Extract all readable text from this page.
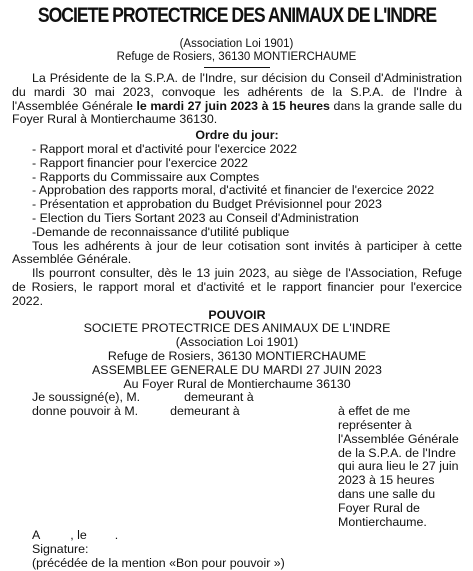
SOCIETE PROTECTRICE DES ANIMAUX DE L'INDRE
(Association Loi 1901)
Refuge de Rosiers, 36130 MONTIERCHAUME

La Présidente de la S.P.A. de l'Indre, sur décision du Conseil d'Administration du mardi 30 mai 2023, convoque les adhérents de la S.P.A. de l'Indre à l'Assemblée Générale le mardi 27 juin 2023 à 15 heures dans la grande salle du Foyer Rural à Montierchaume 36130.

Ordre du jour:

- Rapport moral et d'activité pour l'exercice 2022

- Rapport financier pour l'exercice 2022

- Rapports du Commissaire aux Comptes

- Approbation des rapports moral, d'activité et financier de l'exercice 2022

- Présentation et approbation du Budget Prévisionnel pour 2023

- Election du Tiers Sortant 2023 au Conseil d'Administration

-Demande de reconnaissance d'utilité publique

Tous les adhérents à jour de leur cotisation sont invités à participer à cette Assemblée Générale.

Ils pourront consulter, dès le 13 juin 2023, au siège de l'Association, Refuge de Rosiers, le rapport moral et d'activité et le rapport financier pour l'exercice 2022.

POUVOIR

SOCIETE PROTECTRICE DES ANIMAUX DE L'INDRE

(Association Loi 1901)

Refuge de Rosiers, 36130 MONTIERCHAUME

ASSEMBLEE GENERALE DU MARDI 27 JUIN 2023

Au Foyer Rural de Montierchaume 36130

Je soussigné(e), M.	demeurant à

donne pouvoir à M.	demeurant à	à effet de me représenter à l'Assemblée Générale de la S.P.A. de l'Indre qui aura lieu le 27 juin 2023 à 15 heures dans une salle du Foyer Rural de Montierchaume.

A , le .

Signature:

(précédée de la mention «Bon pour pouvoir »)
